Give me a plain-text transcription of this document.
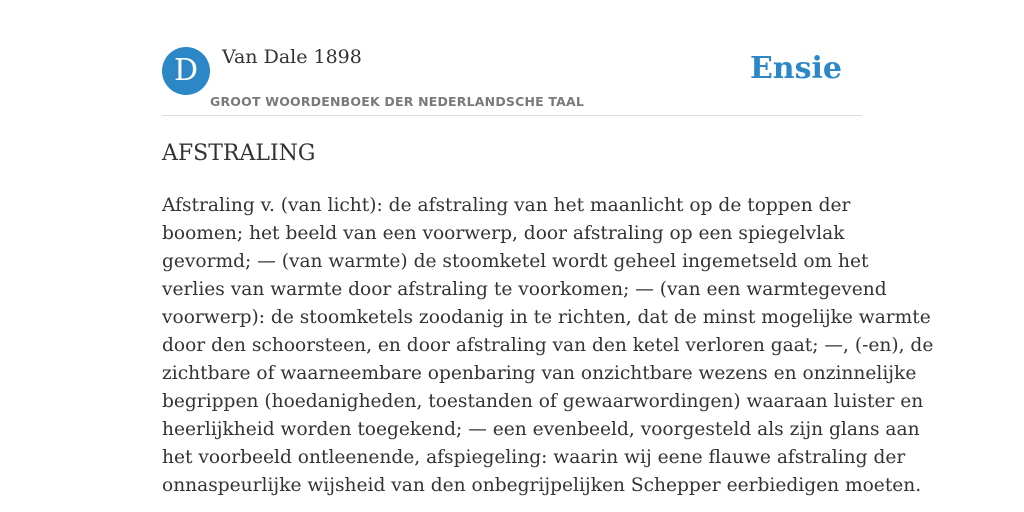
D	Van Dale 1898
GROOT WOORDENBOEK DER NEDERLANDSCHE TAAL
Ensie
AFSTRALING

Afstraling v. (van licht): de afstraling van het maanlicht op de toppen der
boomen; het beeld van een voorwerp, door afstraling op een spiegelvlak
gevormd; — (van warmte) de stoomketel wordt geheel ingemetseld om het
verlies van warmte door afstraling te voorkomen; — (van een warmtegevend
voorwerp): de stoomketels zoodanig in te richten, dat de minst mogelijke warmte
door den schoorsteen, en door afstraling van den ketel verloren gaat; —, (-en), de
zichtbare of waarneembare openbaring van onzichtbare wezens en onzinnelijke
begrippen (hoedanigheden, toestanden of gewaarwordingen) waaraan luister en
heerlijkheid worden toegekend; — een evenbeeld, voorgesteld als zijn glans aan
het voorbeeld ontleenende, afspiegeling: waarin wij eene flauwe afstraling der
onnaspeurlijke wijsheid van den onbegrijpelijken Schepper eerbiedigen moeten.
